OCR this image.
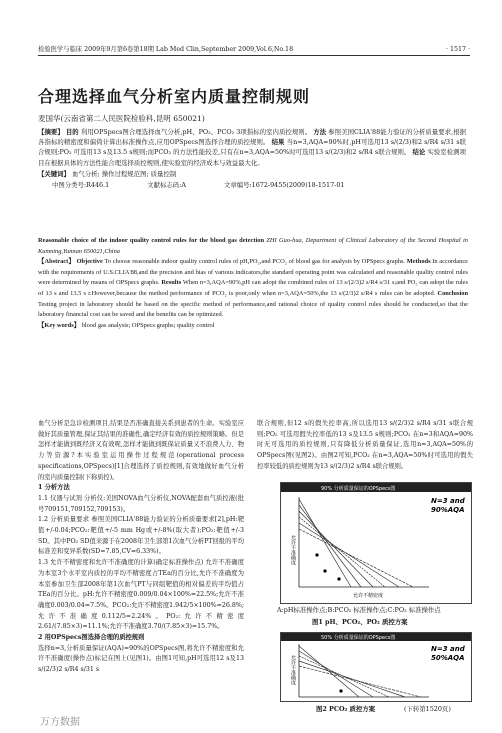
检验医学与临床 2009年9月第6卷第18期 Lab Med Clin,September 2009,Vol.6,No.18	· 1517 ·
合理选择血气分析室内质量控制规则
麦国华(云南省第二人民医院检验科,昆明 650021)
【摘要】 目的 利用OPSpecs图合理选择血气分析,pH、PO₂、PCO₂ 3项指标的室内质控规则。 方法 参照美国CLIA'88能力验证的分析质量要求,根据各指标的精密度和偏倚计算出标准操作点,应用OPSpecs图选择合理的质控规则。 结果 当n=3,AQA=90%时,pH可选用13 s/(2/3)和2 s/R4 s/31 s联合规则;PO₂ 可选用13 s及13.5 s规则;而PCO₂ 的方法性能较差,只有在n=3,AQA=50%时可选用13 s/(2/3)和2 s/R4 s联合规则。 结论 实验室检测项目在根据具体的方法性能合理选择质控规则,使实验室的经济成本与效益最大化。
【关键词】 血气分析; 操作过程规范图; 质量控制
中图分类号:R446.1	文献标志码:A	文章编号:1672-9455(2009)18-1517-01
Reasonable choice of the indoor quality control rules for the blood gas detection ZHI Guo-hua, Department of Clinical Laboratory of the Second Hospital in Kunming,Yunnan 650021,China
【Abstract】 Objective To choose reasonable indoor quality control rules of pH,PO₂,and PCO₂ of blood gas for analysis by OPSpecs graphs. Methods In accordance with the requirements of U.S.CLIA'88,and the precision and bias of various indicators,the standard operating point was calculated and reasonable quality control rules were determined by means of OPSpecs graphs. Results When n=3,AQA=90%,pH can adopt the combined rules of 13 s/(2/3)2 s/R4 s/31 s;and PO₂ can adopt the rules of 13 s and 13.5 s r.However,because the method performance of PCO₂ is poor,only when n=3,AQA=50%,the 13 s/(2/3)2 s/R4 s rules can be adopted. Conclusion Testing project in laboratory should be based on the specific method of performance,and rational choice of quality control rules should be conducted,so that the laboratory financial cost can be saved and the benefits can be optimized.
【Key words】 blood gas analysis; OPSpecs graphs; quality control
血气分析是急诊检测项目,结果是否准确直接关系到患者的生命。实验室应做好其质量管理,保证其结果的准确性,确定经济有效的质控规则策略。但是怎样才能做到既经济又有效呢,怎样才能做到既保证质量又不浪费人力、物力等资源?本实验室运用操作过程规范(operational process specifications,OPSpecs)[1]合理选择了质控规则,有效地做好血气分析的室内质量控制(下称质控)。
1 分析方法
1.1 仪器与试剂 分析仪:美国NOVA血气分析仪,NOVA配套血气质控液(批号709151,709152,709153)。
1.2 分析质量要求 参照美国CLIA'88能力验证的分析质量要求[2],pH:靶值+/-0.04;PCO₂:靶值+/-5 mm Hg或+/-8%(取大者);PO₂:靶值+/-3 SD。其中PO₂ SD值来源于在2008年卫生部第1次血气分析PT回报的平均标准差和变异系数(SD=7.85,CV=6.33%)。
1.3 允许不精密度和允许不准确度的计算(确定标准操作点) 允许不准确度为本室3个水平室内质控的平均不精密度占TEa的百分比,允许不准确度为本室参加卫生部2008年第1次血气PT与同组靶值的相对偏差的平均值占TEa的百分比。pH:允许不精密度0.009/0.04×100%=22.5%;允许不准确度0.003/0.04=7.5%。PCO₂:允许不精密度1.942/5×100%=26.8%;允许不准确度0.112/5=2.24%。PO₂:允许不精密度2.61/(7.85×3)=11.1%;允许不准确度3.70/(7.85×3)=15.7%。
2 用OPSpecs图选择合理的质控规则
选择n=3,分析质量保证(AQA)=90%的OPSpecs图,将允许不精密度和允许不准确度(操作点)标记在图上(见图1)。由图1可知,pH可选用12 s及13 s/(2/3)2 s/R4 s/31 s
联合规则,但12 s的假失控率高,所以选用13 s/(2/3)2 s/R4 s/31 s联合规则;PO₂ 可选用假失控率低的13 s及13.5 s规则;PCO₂ 在n=3和AQA=90%时无可选用的质控规则,只有降低分析质量保证,选用n=3,AQA=50%的OPSpecs图(见图2)。由图2可知,PCO₂ 在n=3,AQA=50%时可选用的假失控率较低的质控规则为13 s/(2/3)2 s/R4 s联合规则。
90% 分析质量保证的OPSpecs图
N=3 and
90%AQA
允许不准确度
允许不精密度
A:pH标准操作点;B:PCO₂ 标准操作点;C:PO₂ 标准操作点
图1 pH、PCO₂、PO₂ 质控方案
50% 分析质量保证的OPSpecs图
N=3 and
50%AQA
允许不准确度
图2 PCO₂ 质控方案	(下转第1520页)
万方数据
